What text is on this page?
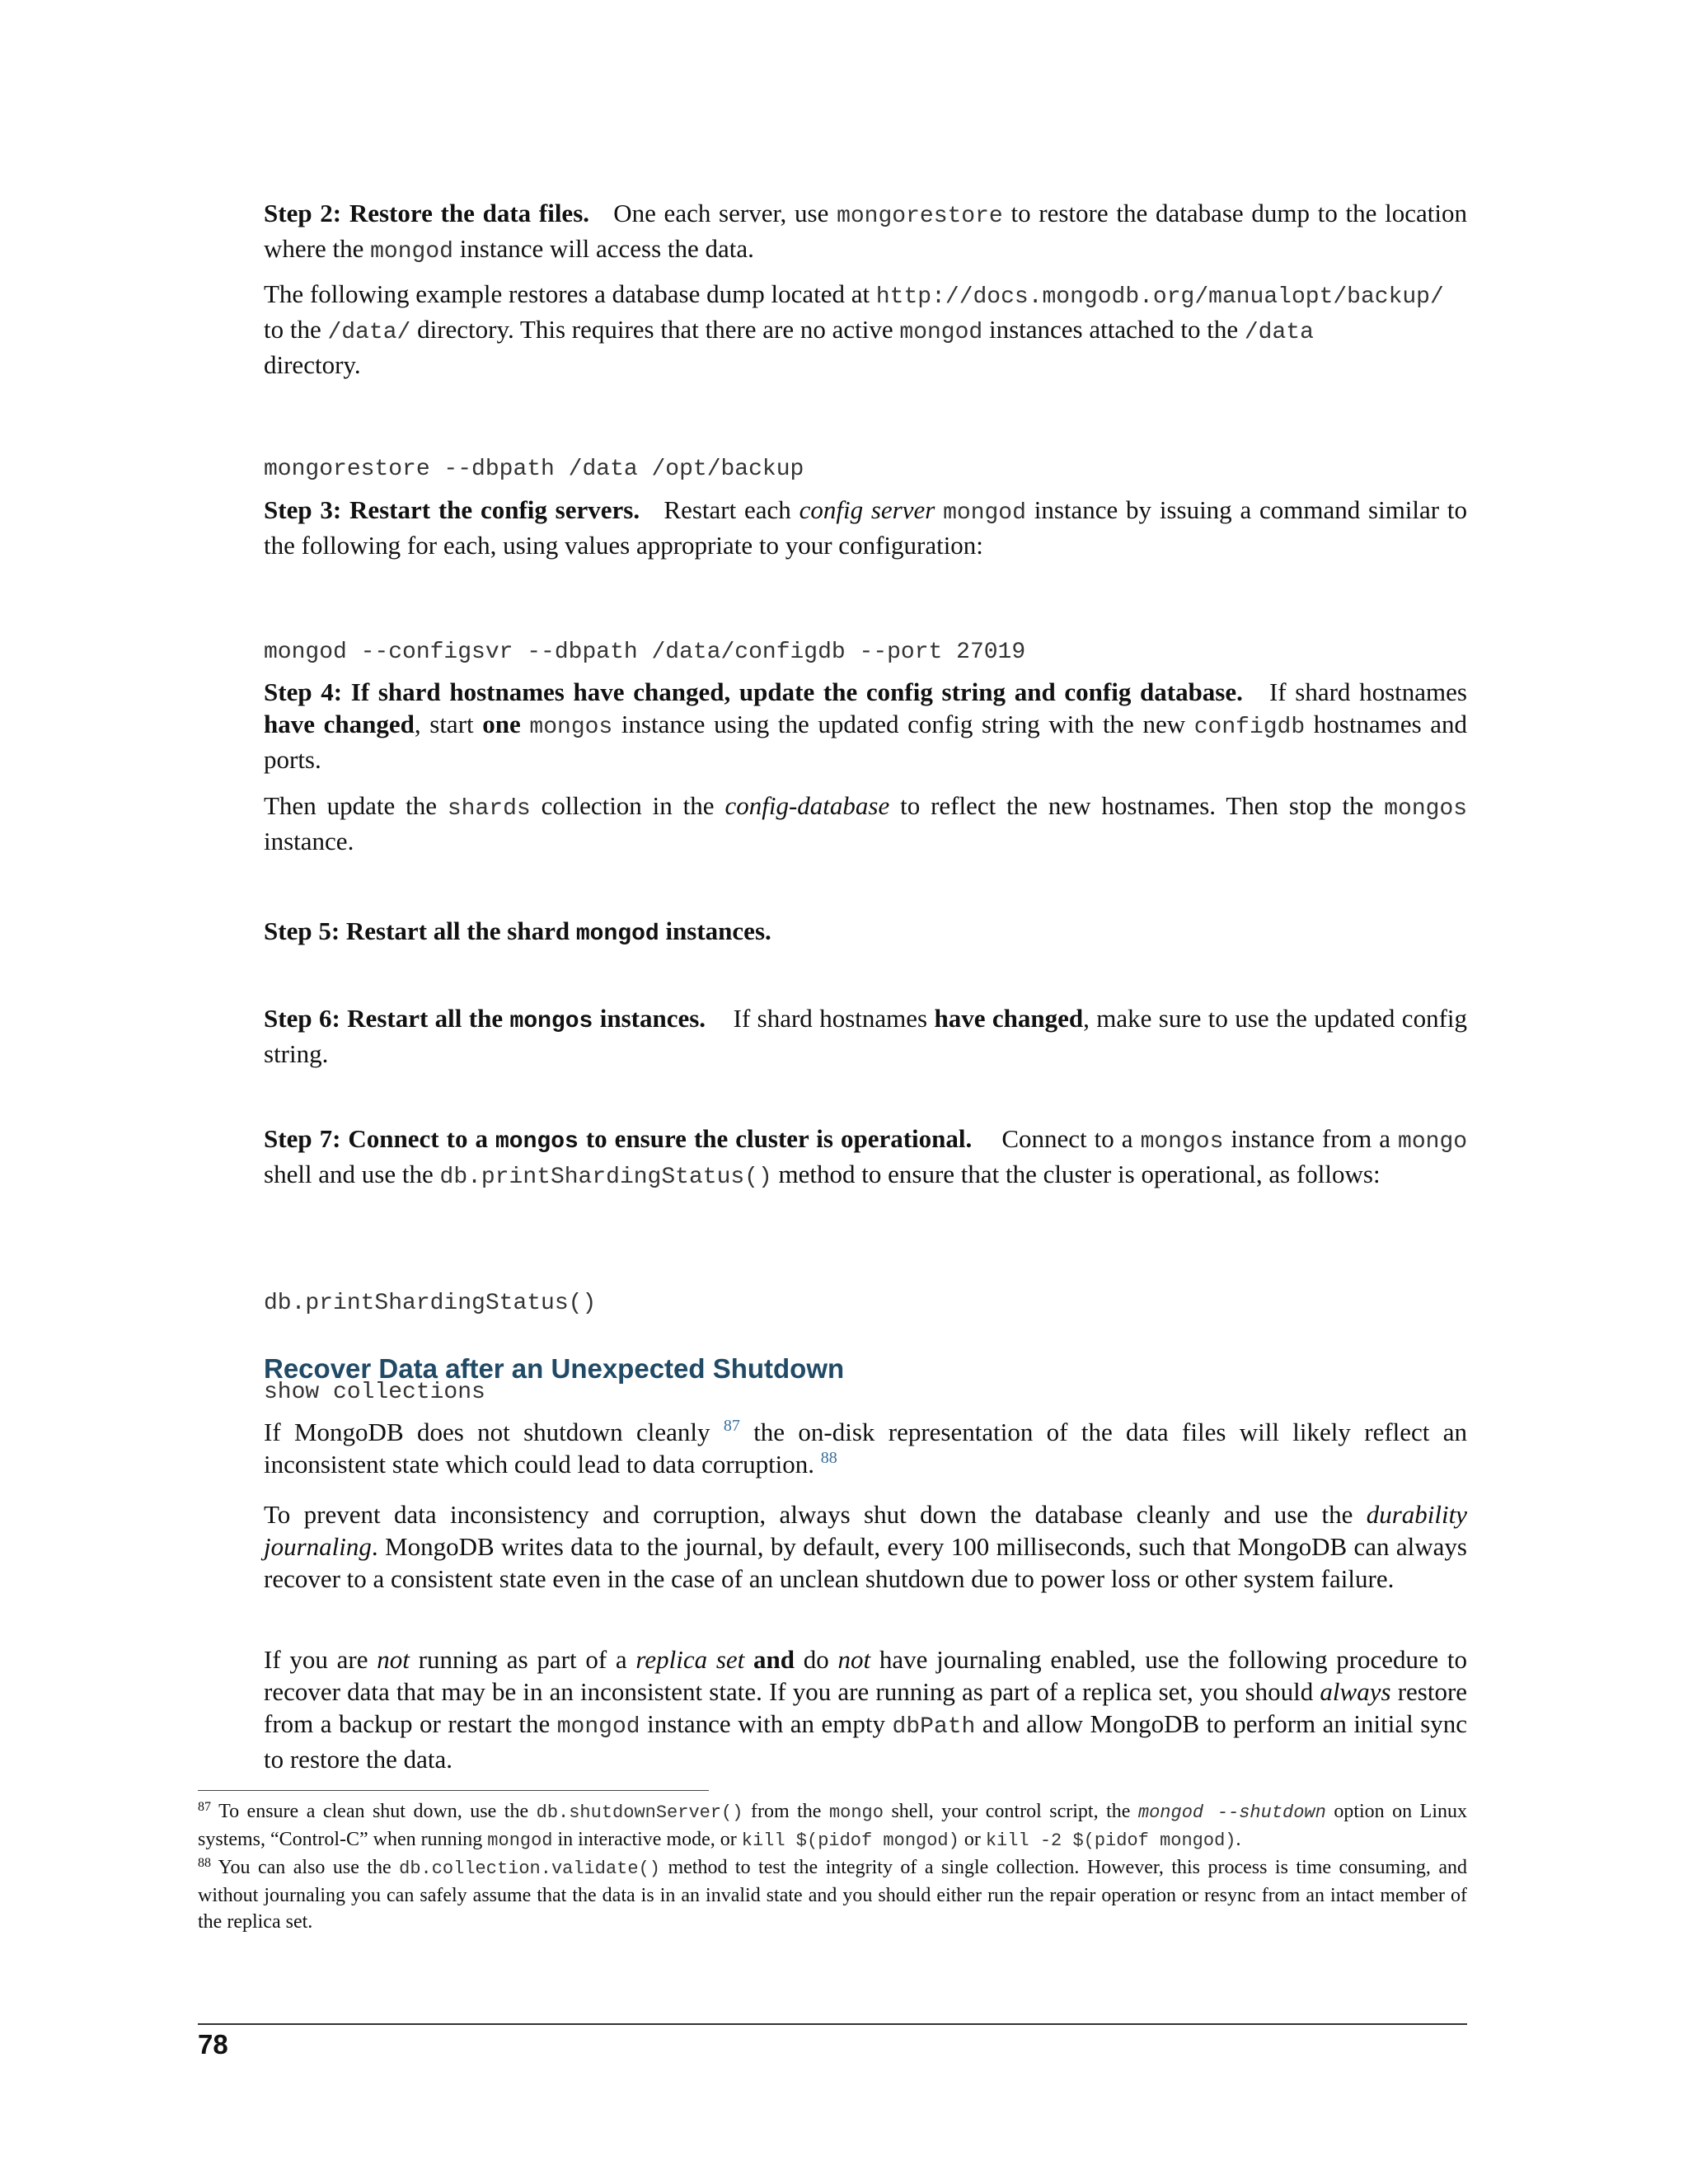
Step 2: Restore the data files. One each server, use mongorestore to restore the database dump to the location where the mongod instance will access the data.

The following example restores a database dump located at http://docs.mongodb.org/manualopt/backup/
to the /data/ directory. This requires that there are no active mongod instances attached to the /data
directory.

mongorestore --dbpath /data /opt/backup

Step 3: Restart the config servers. Restart each config server mongod instance by issuing a command similar to the following for each, using values appropriate to your configuration:

mongod --configsvr --dbpath /data/configdb --port 27019

Step 4: If shard hostnames have changed, update the config string and config database. If shard hostnames have changed, start one mongos instance using the updated config string with the new configdb hostnames and ports.

Then update the shards collection in the config-database to reflect the new hostnames. Then stop the mongos instance.

Step 5: Restart all the shard mongod instances.

Step 6: Restart all the mongos instances. If shard hostnames have changed, make sure to use the updated config string.

Step 7: Connect to a mongos to ensure the cluster is operational. Connect to a mongos instance from a mongo shell and use the db.printShardingStatus() method to ensure that the cluster is operational, as follows:

db.printShardingStatus()

show collections

Recover Data after an Unexpected Shutdown

If MongoDB does not shutdown cleanly $^{87}$ the on-disk representation of the data files will likely reflect an inconsistent state which could lead to data corruption. $^{88}$

To prevent data inconsistency and corruption, always shut down the database cleanly and use the durability journaling. MongoDB writes data to the journal, by default, every 100 milliseconds, such that MongoDB can always recover to a consistent state even in the case of an unclean shutdown due to power loss or other system failure.

If you are not running as part of a replica set and do not have journaling enabled, use the following procedure to recover data that may be in an inconsistent state. If you are running as part of a replica set, you should always restore from a backup or restart the mongod instance with an empty dbPath and allow MongoDB to perform an initial sync to restore the data.

$^{87}$ To ensure a clean shut down, use the db.shutdownServer() from the mongo shell, your control script, the mongod --shutdown option on Linux systems, “Control-C” when running mongod in interactive mode, or kill $(pidof mongod) or kill -2 $(pidof mongod).

$^{88}$ You can also use the db.collection.validate() method to test the integrity of a single collection. However, this process is time consuming, and without journaling you can safely assume that the data is in an invalid state and you should either run the repair operation or resync from an intact member of the replica set.

78
